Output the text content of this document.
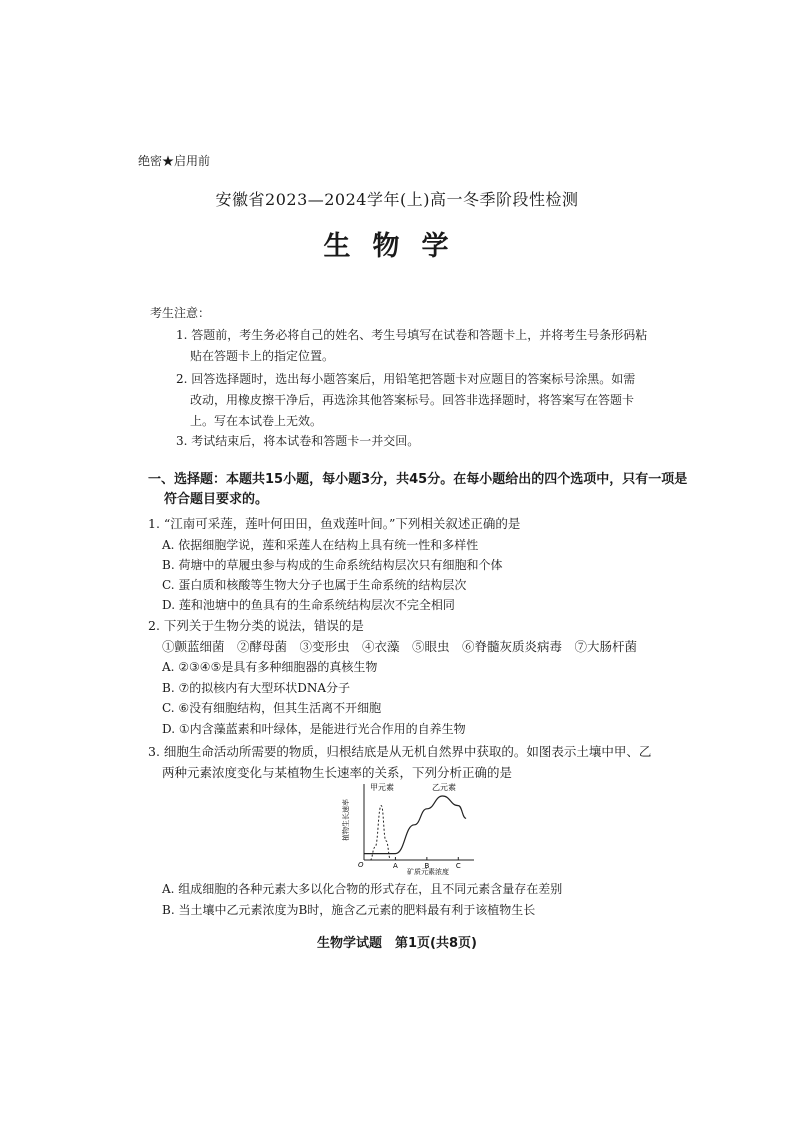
绝密★启用前
安徽省2023—2024学年(上)高一冬季阶段性检测
生物学
考生注意：
1. 答题前，考生务必将自己的姓名、考生号填写在试卷和答题卡上，并将考生号条形码粘
贴在答题卡上的指定位置。
2. 回答选择题时，选出每小题答案后，用铅笔把答题卡对应题目的答案标号涂黑。如需
改动，用橡皮擦干净后，再选涂其他答案标号。回答非选择题时，将答案写在答题卡
上。写在本试卷上无效。
3. 考试结束后，将本试卷和答题卡一并交回。
一、选择题：本题共15小题，每小题3分，共45分。在每小题给出的四个选项中，只有一项是
符合题目要求的。
1. “江南可采莲，莲叶何田田，鱼戏莲叶间。”下列相关叙述正确的是
A. 依据细胞学说，莲和采莲人在结构上具有统一性和多样性
B. 荷塘中的草履虫参与构成的生命系统结构层次只有细胞和个体
C. 蛋白质和核酸等生物大分子也属于生命系统的结构层次
D. 莲和池塘中的鱼具有的生命系统结构层次不完全相同
2. 下列关于生物分类的说法，错误的是
①颤蓝细菌　②酵母菌　③变形虫　④衣藻　⑤眼虫　⑥脊髓灰质炎病毒　⑦大肠杆菌
A. ②③④⑤是具有多种细胞器的真核生物
B. ⑦的拟核内有大型环状DNA分子
C. ⑥没有细胞结构，但其生活离不开细胞
D. ①内含藻蓝素和叶绿体，是能进行光合作用的自养生物
3. 细胞生命活动所需要的物质，归根结底是从无机自然界中获取的。如图表示土壤中甲、乙
两种元素浓度变化与某植物生长速率的关系，下列分析正确的是
植物生长速率
O	A	B	C
矿质元素浓度
甲元素	乙元素
A. 组成细胞的各种元素大多以化合物的形式存在，且不同元素含量存在差别
B. 当土壤中乙元素浓度为B时，施含乙元素的肥料最有利于该植物生长
生物学试题　第1页(共8页)
